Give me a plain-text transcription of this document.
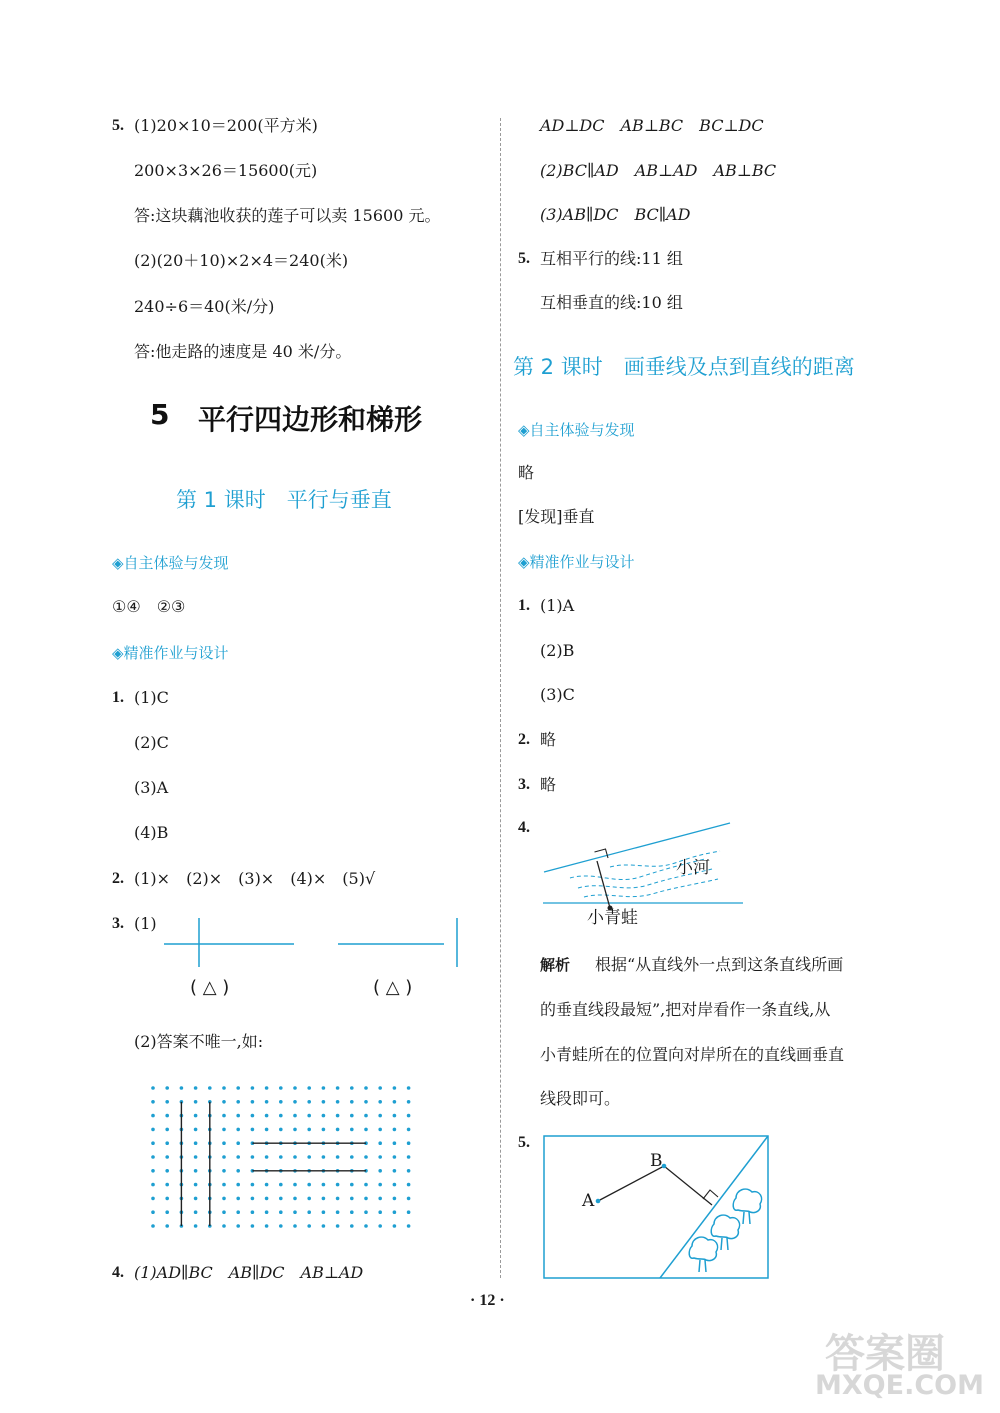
5. (1)20×10＝200(平方米)
200×3×26＝15600(元)
答:这块藕池收获的莲子可以卖 15600 元。
(2)(20＋10)×2×4＝240(米)
240÷6＝40(米/分)
答:他走路的速度是 40 米/分。
5 平行四边形和梯形
第 1 课时　平行与垂直
◈自主体验与发现
①④　②③
◈精准作业与设计
1. (1)C
(2)C
(3)A
(4)B
2. (1)×　(2)×　(3)×　(4)×　(5)√
3. (1)
( △ )	( △ )
(2)答案不唯一,如:
4. (1)AD∥BC　AB∥DC　AB⊥AD
AD⊥DC　AB⊥BC　BC⊥DC
(2)BC∥AD　AB⊥AD　AB⊥BC
(3)AB∥DC　BC∥AD
5. 互相平行的线:11 组
互相垂直的线:10 组
第 2 课时　画垂线及点到直线的距离
◈自主体验与发现
略
[发现]垂直
◈精准作业与设计
1. (1)A
(2)B
(3)C
2. 略
3. 略
4.
小河
小青蛙
解析 根据“从直线外一点到这条直线所画
的垂直线段最短”,把对岸看作一条直线,从
小青蛙所在的位置向对岸所在的直线画垂直
线段即可。
5.
A
B
· 12 ·
答案圈
MXQE.COM
